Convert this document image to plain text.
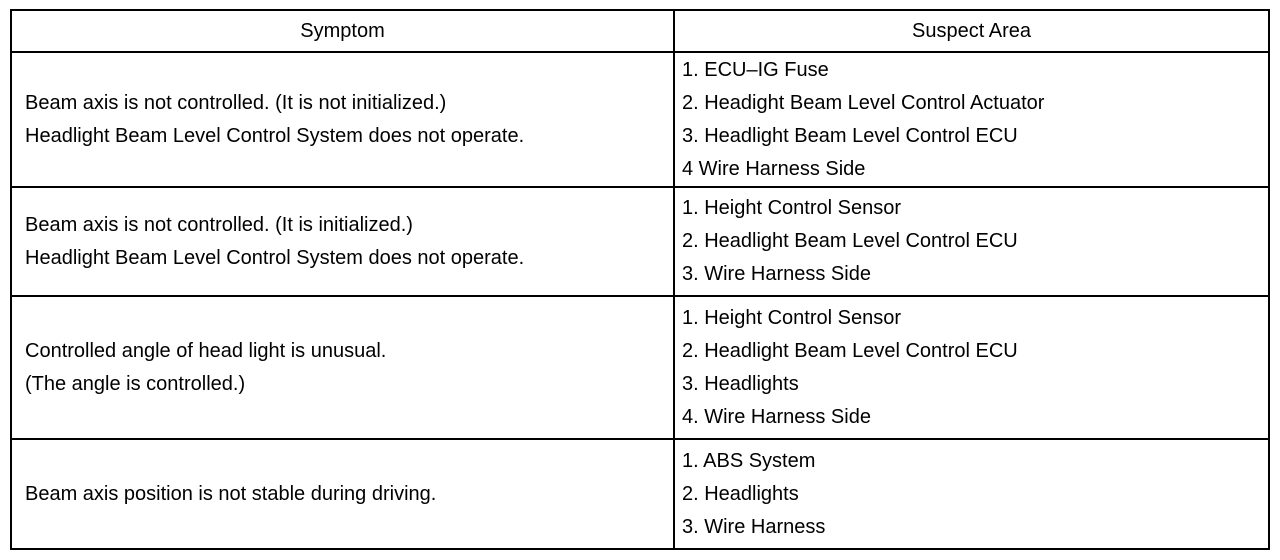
Symptom	Suspect Area

Beam axis is not controlled. (It is not initialized.)
Headlight Beam Level Control System does not operate.	1. ECU–IG Fuse
2. Headight Beam Level Control Actuator
3. Headlight Beam Level Control ECU
4 Wire Harness Side

Beam axis is not controlled. (It is initialized.)
Headlight Beam Level Control System does not operate.	1. Height Control Sensor
2. Headlight Beam Level Control ECU
3. Wire Harness Side

Controlled angle of head light is unusual.
(The angle is controlled.)	1. Height Control Sensor
2. Headlight Beam Level Control ECU
3. Headlights
4. Wire Harness Side

Beam axis position is not stable during driving.	1. ABS System
2. Headlights
3. Wire Harness
